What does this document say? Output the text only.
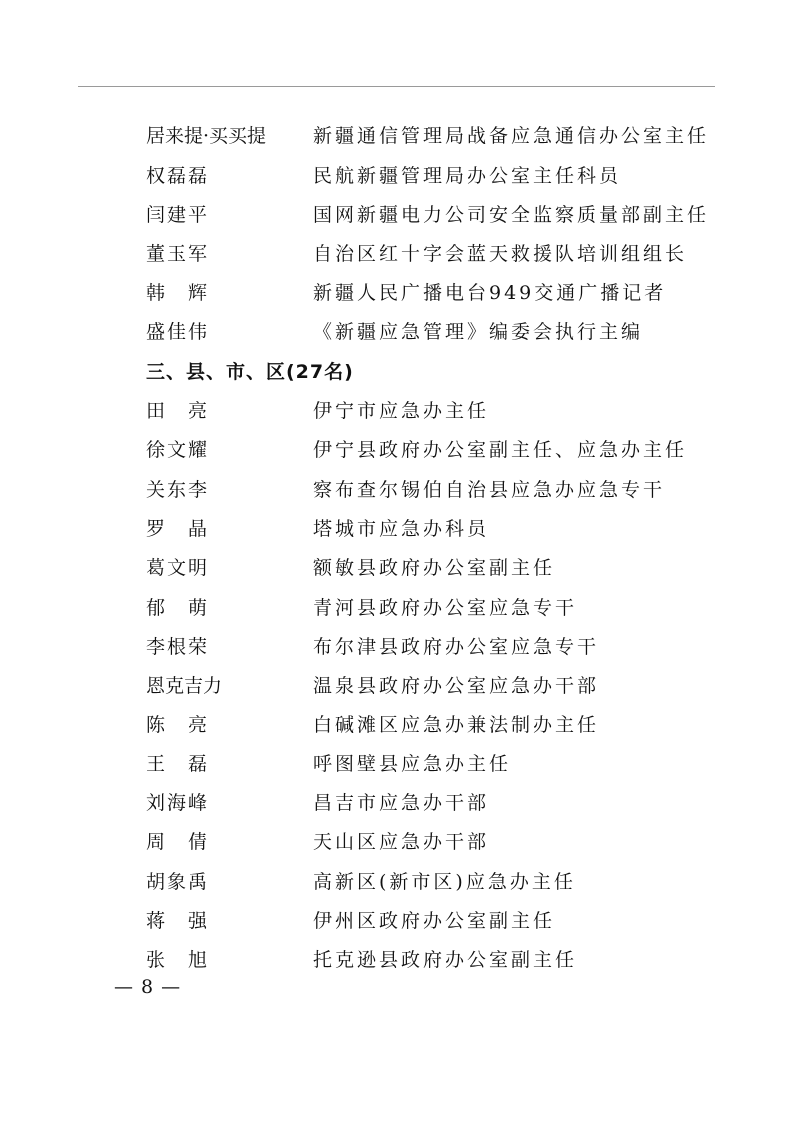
居来提·买买提 新疆通信管理局战备应急通信办公室主任
权磊磊	民航新疆管理局办公室主任科员
闫建平	国网新疆电力公司安全监察质量部副主任
董玉军	自治区红十字会蓝天救援队培训组组长
韩　辉	新疆人民广播电台949交通广播记者
盛佳伟	《新疆应急管理》编委会执行主编
三、县、市、区(27名)
田　亮	伊宁市应急办主任
徐文耀	伊宁县政府办公室副主任、应急办主任
关东李	察布查尔锡伯自治县应急办应急专干
罗　晶	塔城市应急办科员
葛文明	额敏县政府办公室副主任
郁　萌	青河县政府办公室应急专干
李根荣	布尔津县政府办公室应急专干
恩克吉力	温泉县政府办公室应急办干部
陈　亮	白碱滩区应急办兼法制办主任
王　磊	呼图壁县应急办主任
刘海峰	昌吉市应急办干部
周　倩	天山区应急办干部
胡象禹	高新区(新市区)应急办主任
蒋　强	伊州区政府办公室副主任
张　旭	托克逊县政府办公室副主任
— 8 —
